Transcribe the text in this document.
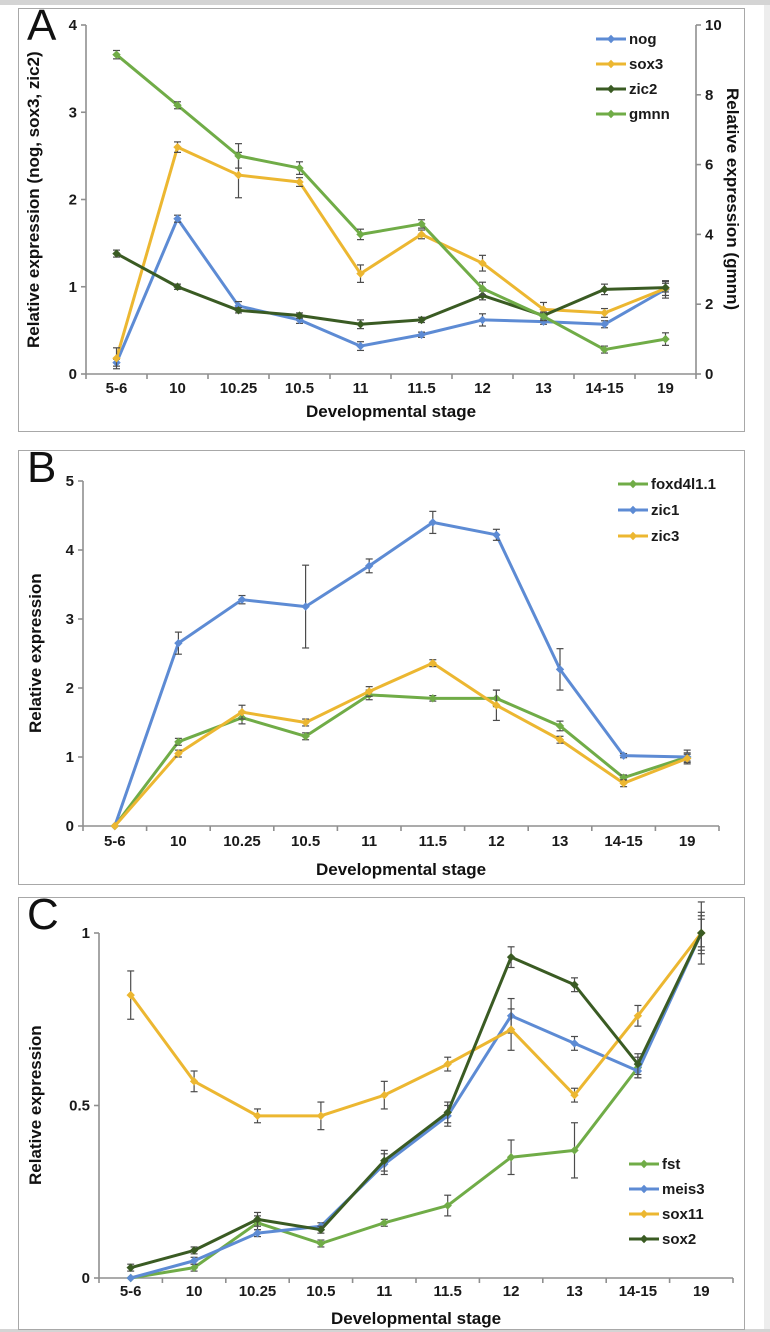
0
1
2
3
4
0
2
4
6
8
10
5-6	10 10.25 10.5	11	11.5	12	13 14-15 19
nog
sox3
zic2
gmnn
A
Relative expression (nog, sox3, zic2)	Relative expression (gmnn)
Developmental stage
0
1
2
3
4
5
5-6	10 10.25 10.5	11	11.5	12	13 14-15 19
foxd4l1.1
zic1
zic3
B
Relative expression
Developmental stage
0
0.5
1
5-6	10 10.25 10.5	11	11.5	12	13 14-15 19
fst
meis3
sox11
sox2
C
Relative expression
Developmental stage
